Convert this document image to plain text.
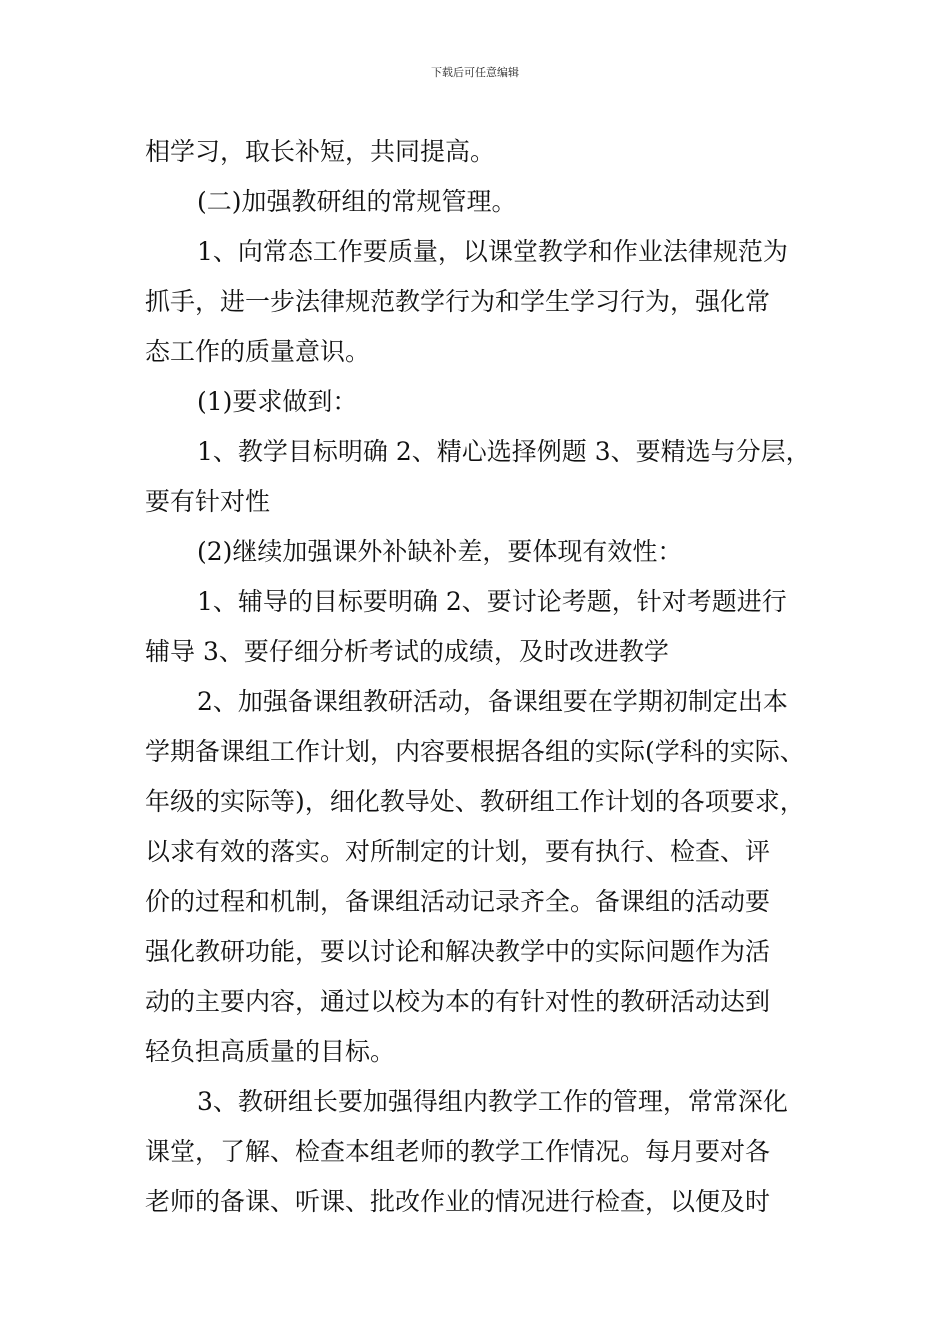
下载后可任意编辑
相学习，取长补短，共同提高。
(二)加强教研组的常规管理。
1、向常态工作要质量，以课堂教学和作业法律规范为
抓手，进一步法律规范教学行为和学生学习行为，强化常
态工作的质量意识。
(1)要求做到：
1、教学目标明确 2、精心选择例题 3、要精选与分层，
要有针对性
(2)继续加强课外补缺补差，要体现有效性：
1、辅导的目标要明确 2、要讨论考题，针对考题进行
辅导 3、要仔细分析考试的成绩，及时改进教学
2、加强备课组教研活动，备课组要在学期初制定出本
学期备课组工作计划，内容要根据各组的实际(学科的实际、
年级的实际等)，细化教导处、教研组工作计划的各项要求，
以求有效的落实。对所制定的计划，要有执行、检查、评
价的过程和机制，备课组活动记录齐全。备课组的活动要
强化教研功能，要以讨论和解决教学中的实际问题作为活
动的主要内容，通过以校为本的有针对性的教研活动达到
轻负担高质量的目标。
3、教研组长要加强得组内教学工作的管理，常常深化
课堂，了解、检查本组老师的教学工作情况。每月要对各
老师的备课、听课、批改作业的情况进行检查，以便及时
